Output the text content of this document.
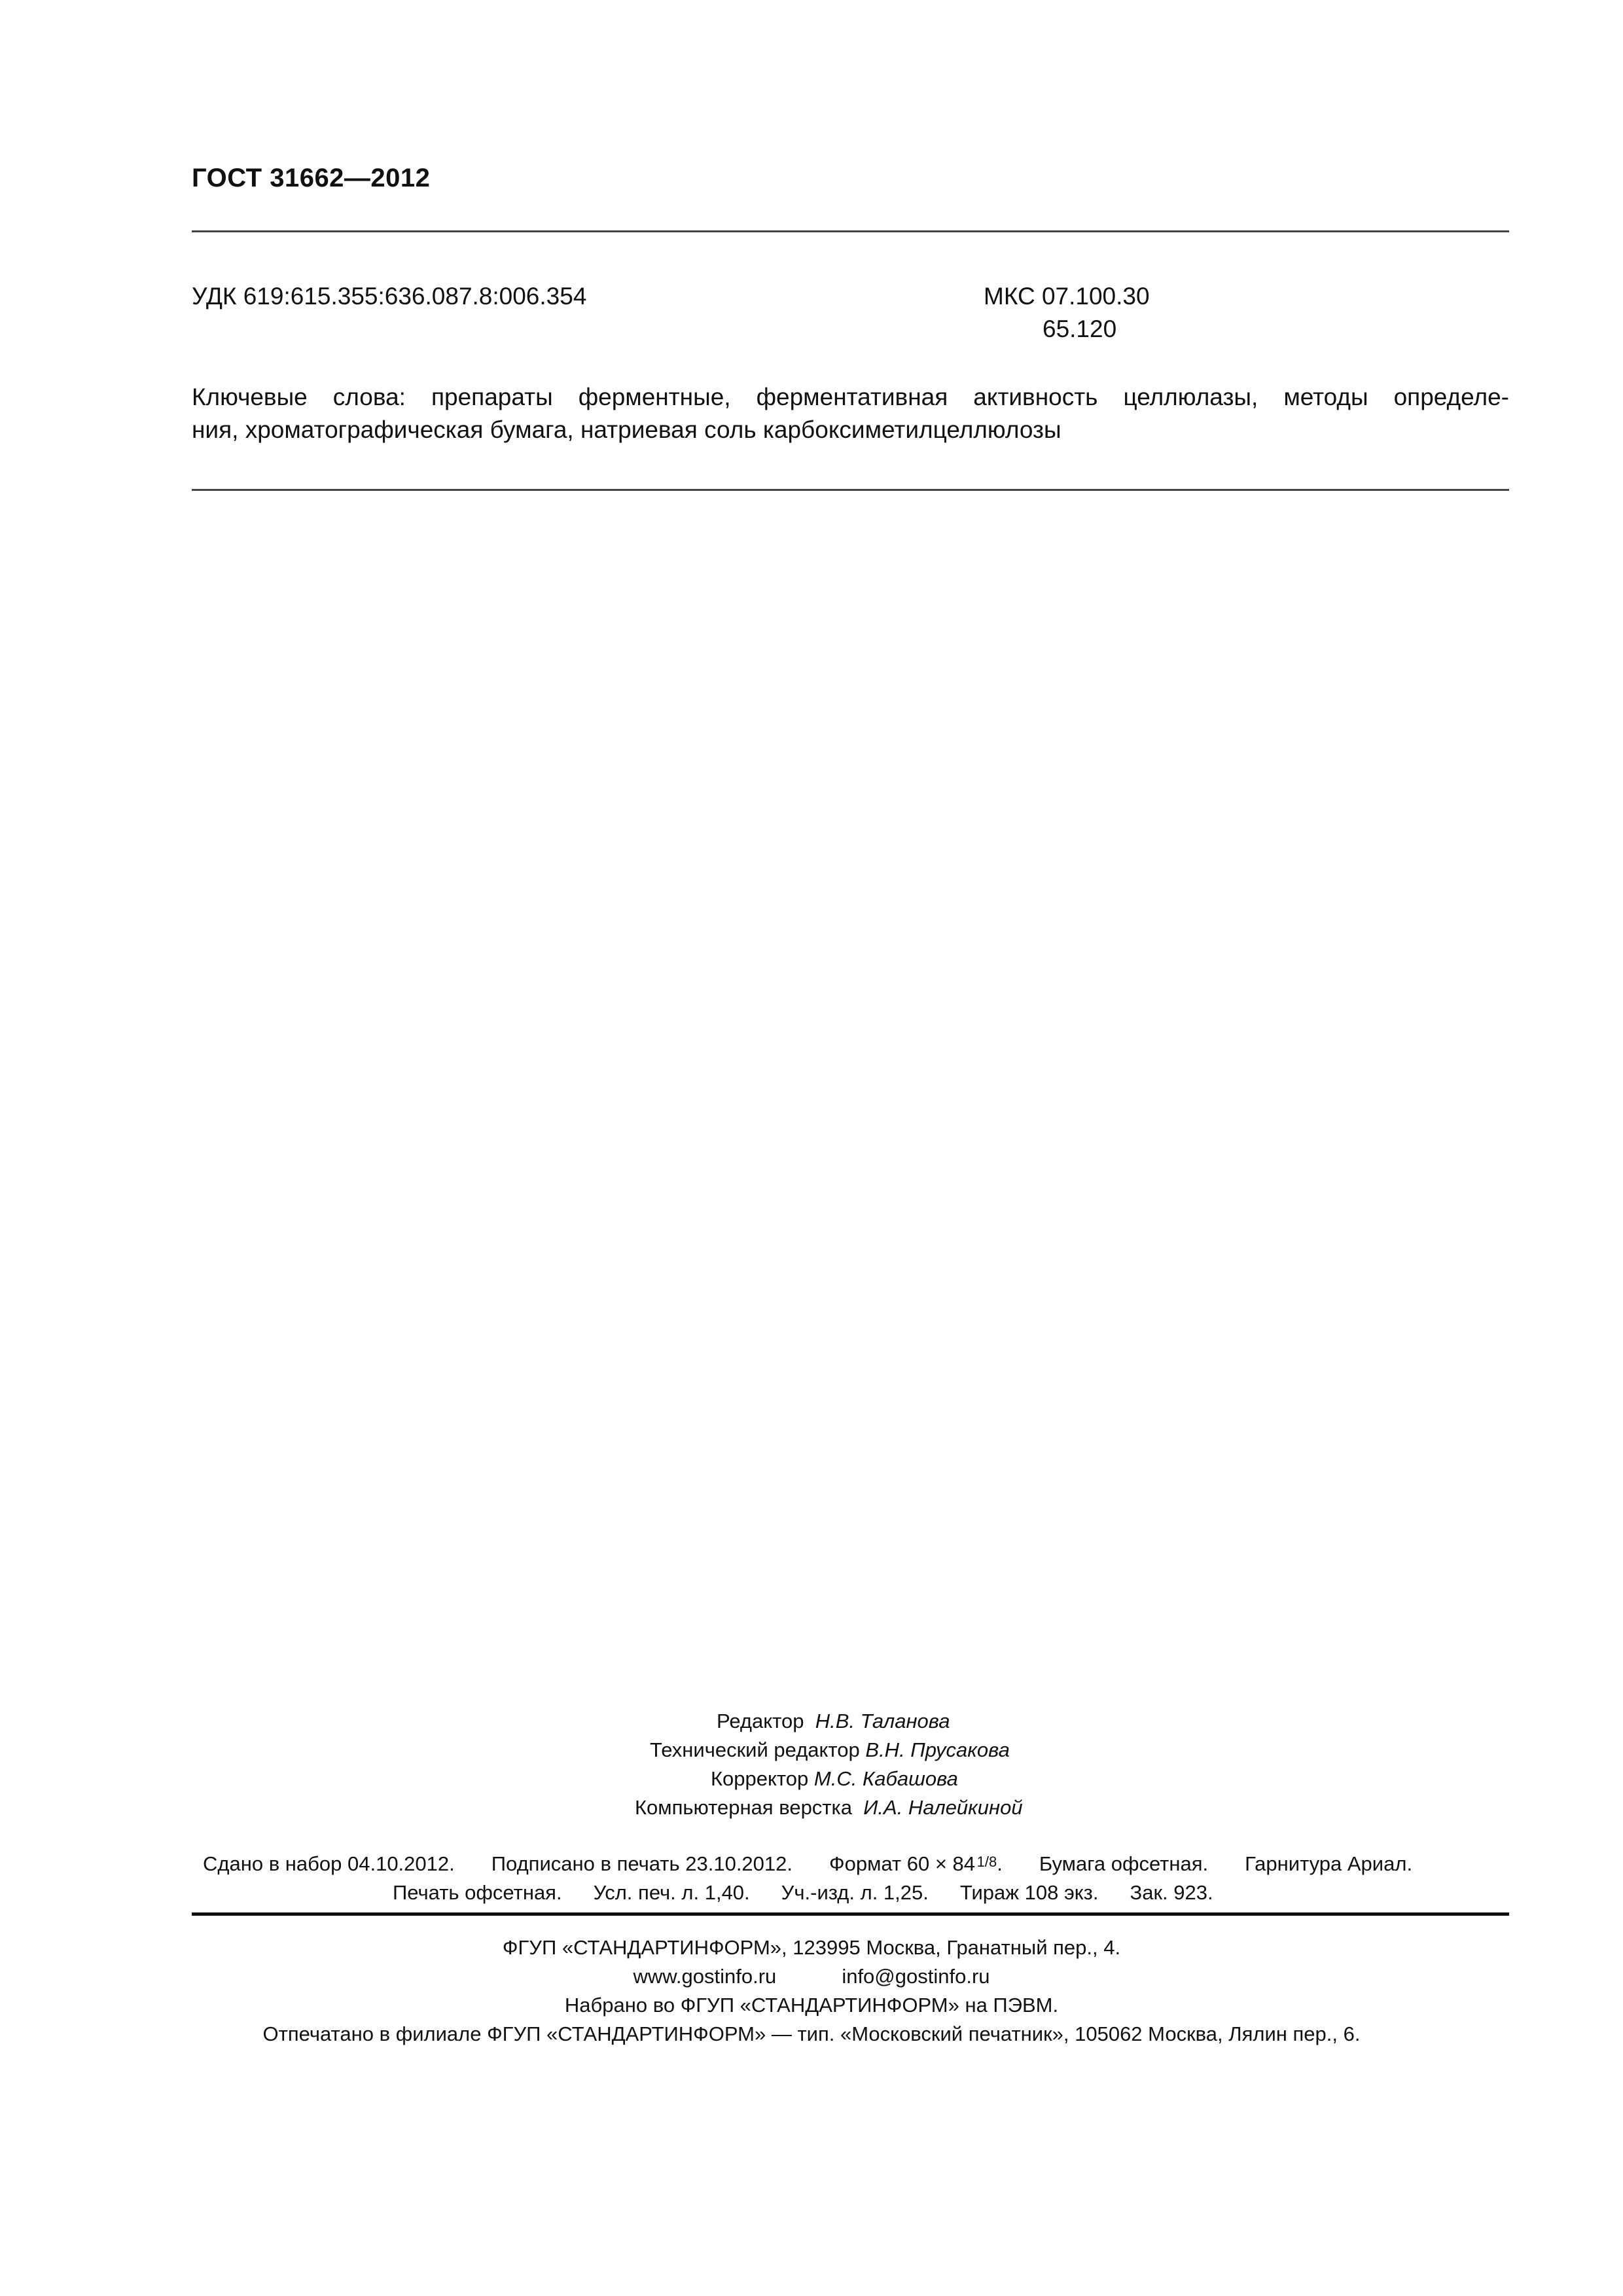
ГОСТ 31662—2012
УДК 619:615.355:636.087.8:006.354	МКС 07.100.30
65.120
Ключевые слова: препараты ферментные, ферментативная активность целлюлазы, методы определе-
ния, хроматографическая бумага, натриевая соль карбоксиметилцеллюлозы
Редактор Н.В. Таланова
Технический редактор В.Н. Прусакова
Корректор М.С. Кабашова
Компьютерная верстка И.А. Налейкиной
Сдано в набор 04.10.2012. Подписано в печать 23.10.2012. Формат 60 × 84  1/8. Бумага офсетная. Гарнитура Ариал.
Печать офсетная. Усл. печ. л. 1,40. Уч.-изд. л. 1,25. Тираж 108 экз. Зак. 923.
ФГУП «СТАНДАРТИНФОРМ», 123995 Москва, Гранатный пер., 4.
www.gostinfo.ru	info@gostinfo.ru
Набрано во ФГУП «СТАНДАРТИНФОРМ» на ПЭВМ.
Отпечатано в филиале ФГУП «СТАНДАРТИНФОРМ» — тип. «Московский печатник», 105062 Москва, Лялин пер., 6.
